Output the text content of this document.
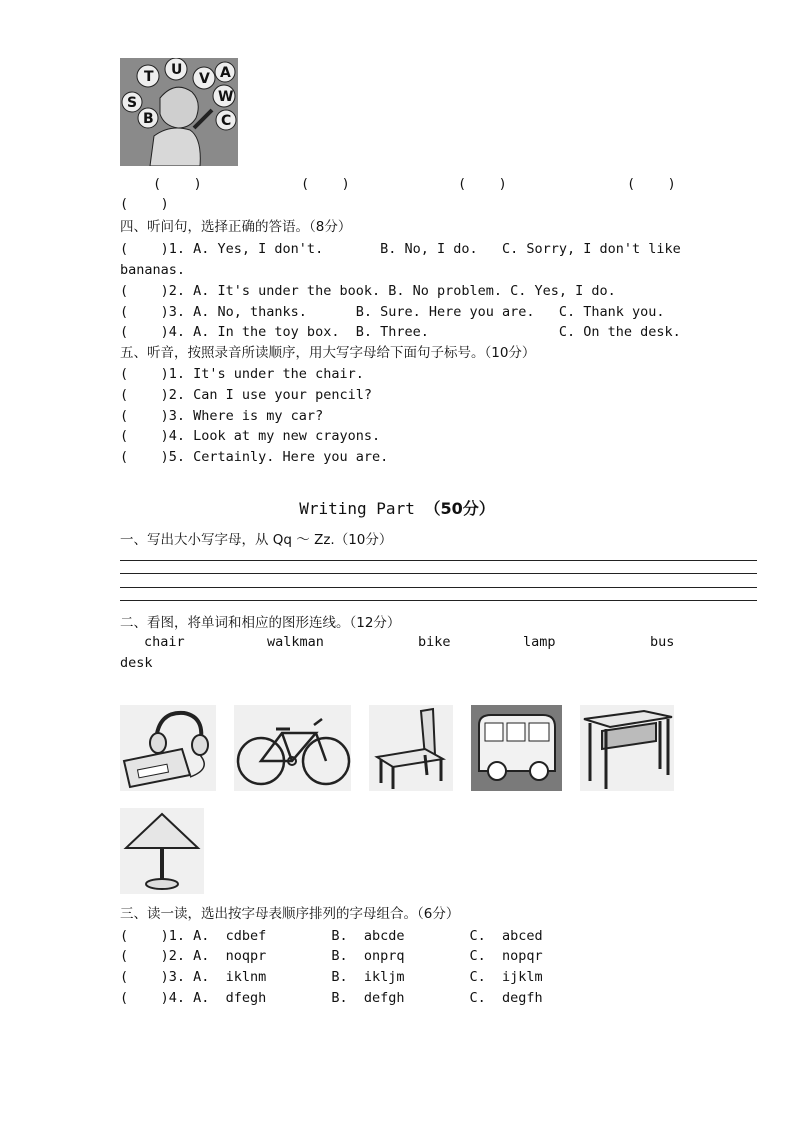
T U
V A
S
B
W
C
(    )	(    )	(    )	(    )
(    )
四、听问句，选择正确的答语。（8分）
(    )1. A. Yes, I don't.       B. No, I do.   C. Sorry, I don't like
bananas.
(    )2. A. It's under the book. B. No problem. C. Yes, I do.
(    )3. A. No, thanks.      B. Sure. Here you are.   C. Thank you.
(    )4. A. In the toy box.  B. Three.                C. On the desk.
五、听音，按照录音所读顺序，用大写字母给下面句子标号。（10分）
(    )1. It's under the chair.
(    )2. Can I use your pencil?
(    )3. Where is my car?
(    )4. Look at my new crayons.
(    )5. Certainly. Here you are.
Writing Part （50分）
一、写出大小写字母，从 Qq ～ Zz.（10分）
二、看图，将单词和相应的图形连线。（12分）
chair	walkman	bike	lamp	bus
desk
三、读一读，选出按字母表顺序排列的字母组合。（6分）
(    )1. A.  cdbef        B.  abcde        C.  abced
(    )2. A.  noqpr        B.  onprq        C.  nopqr
(    )3. A.  iklnm        B.  ikljm        C.  ijklm
(    )4. A.  dfegh        B.  defgh        C.  degfh
